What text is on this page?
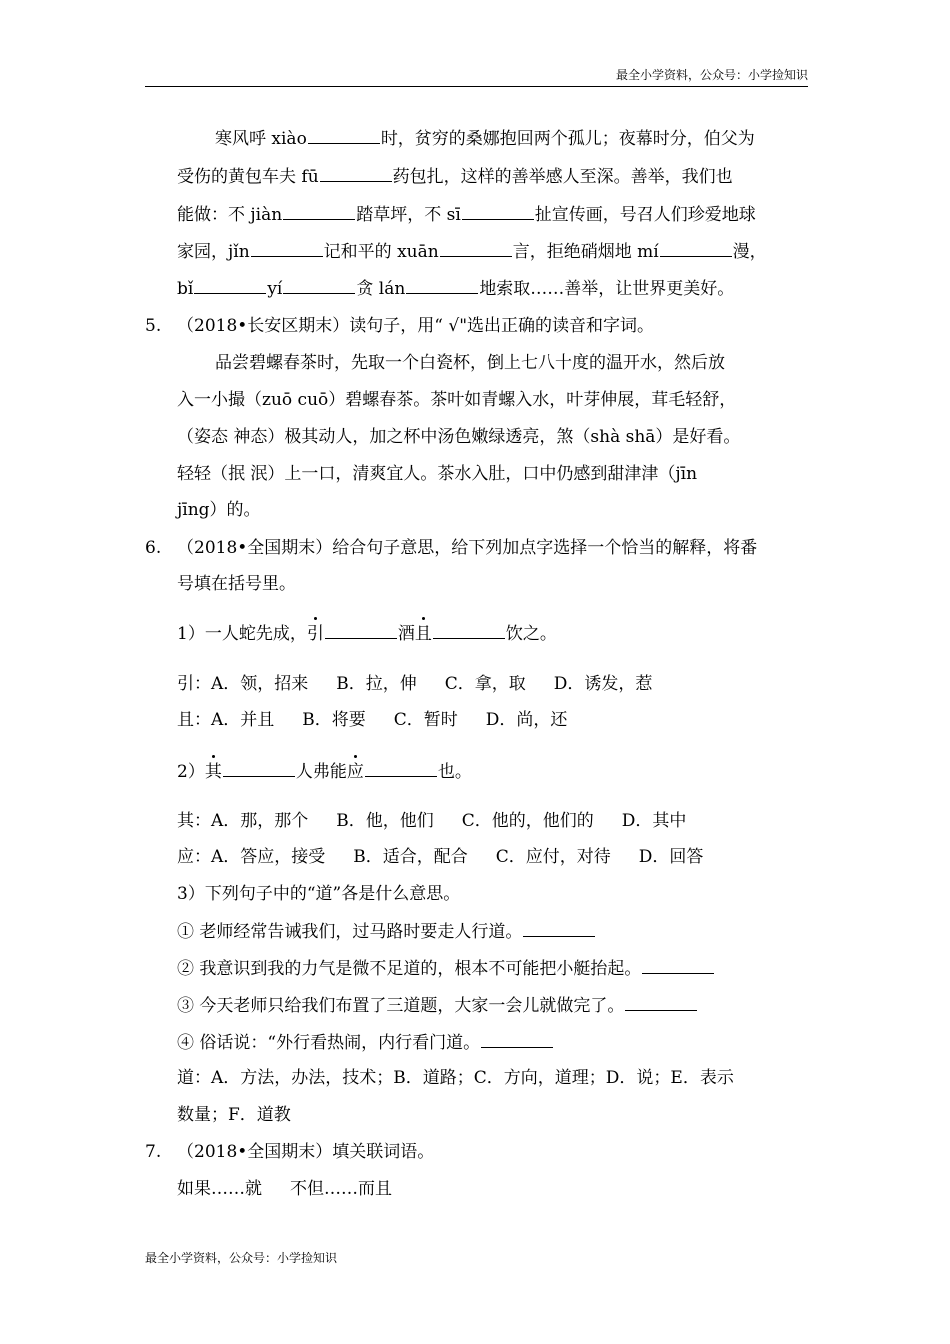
最全小学资料，公众号：小学捡知识
寒风呼 xiào	时，贫穷的桑娜抱回两个孤儿；夜幕时分，伯父为
受伤的黄包车夫 fū	药包扎，这样的善举感人至深。善举，我们也
能做：不 jiàn	踏草坪，不 sī	扯宣传画，号召人们珍爱地球
家园，jǐn	记和平的 xuān	言，拒绝硝烟地 mí	漫，
bǐ	yí	贪 lán	地索取……善举，让世界更美好。
5. （2018•长安区期末）读句子，用“ √"选出正确的读音和字词。
品尝碧螺春茶时，先取一个白瓷杯，倒上七八十度的温开水，然后放
入一小撮（zuō cuō）碧螺春茶。茶叶如青螺入水，叶芽伸展，茸毛轻舒，
（姿态 神态）极其动人，加之杯中汤色嫩绿透亮，煞（shà shā）是好看。
轻轻（抿 泯）上一口，清爽宜人。茶水入肚，口中仍感到甜津津（jīn
jīng）的。
6. （2018•全国期末）给合句子意思，给下列加点字选择一个恰当的解释，将番
号填在括号里。
1）一人蛇先成，引	酒且	饮之。
引：A．领，招来 B．拉，伸 C．拿，取 D．诱发，惹
且：A．并且 B．将要 C．暂时 D．尚，还
2）其	人弗能应	也。
其：A．那，那个 B．他，他们 C．他的，他们的 D．其中
应：A．答应，接受 B．适合，配合 C．应付，对待 D．回答
3）下列句子中的“道”各是什么意思。
① 老师经常告诫我们，过马路时要走人行道。
② 我意识到我的力气是微不足道的，根本不可能把小艇抬起。
③ 今天老师只给我们布置了三道题，大家一会儿就做完了。
④ 俗话说：“外行看热闹，内行看门道。
道：A．方法，办法，技术；B．道路；C．方向，道理；D．说；E．表示
数量；F．道教
7. （2018•全国期末）填关联词语。
如果……就 不但……而且
最全小学资料，公众号：小学捡知识
